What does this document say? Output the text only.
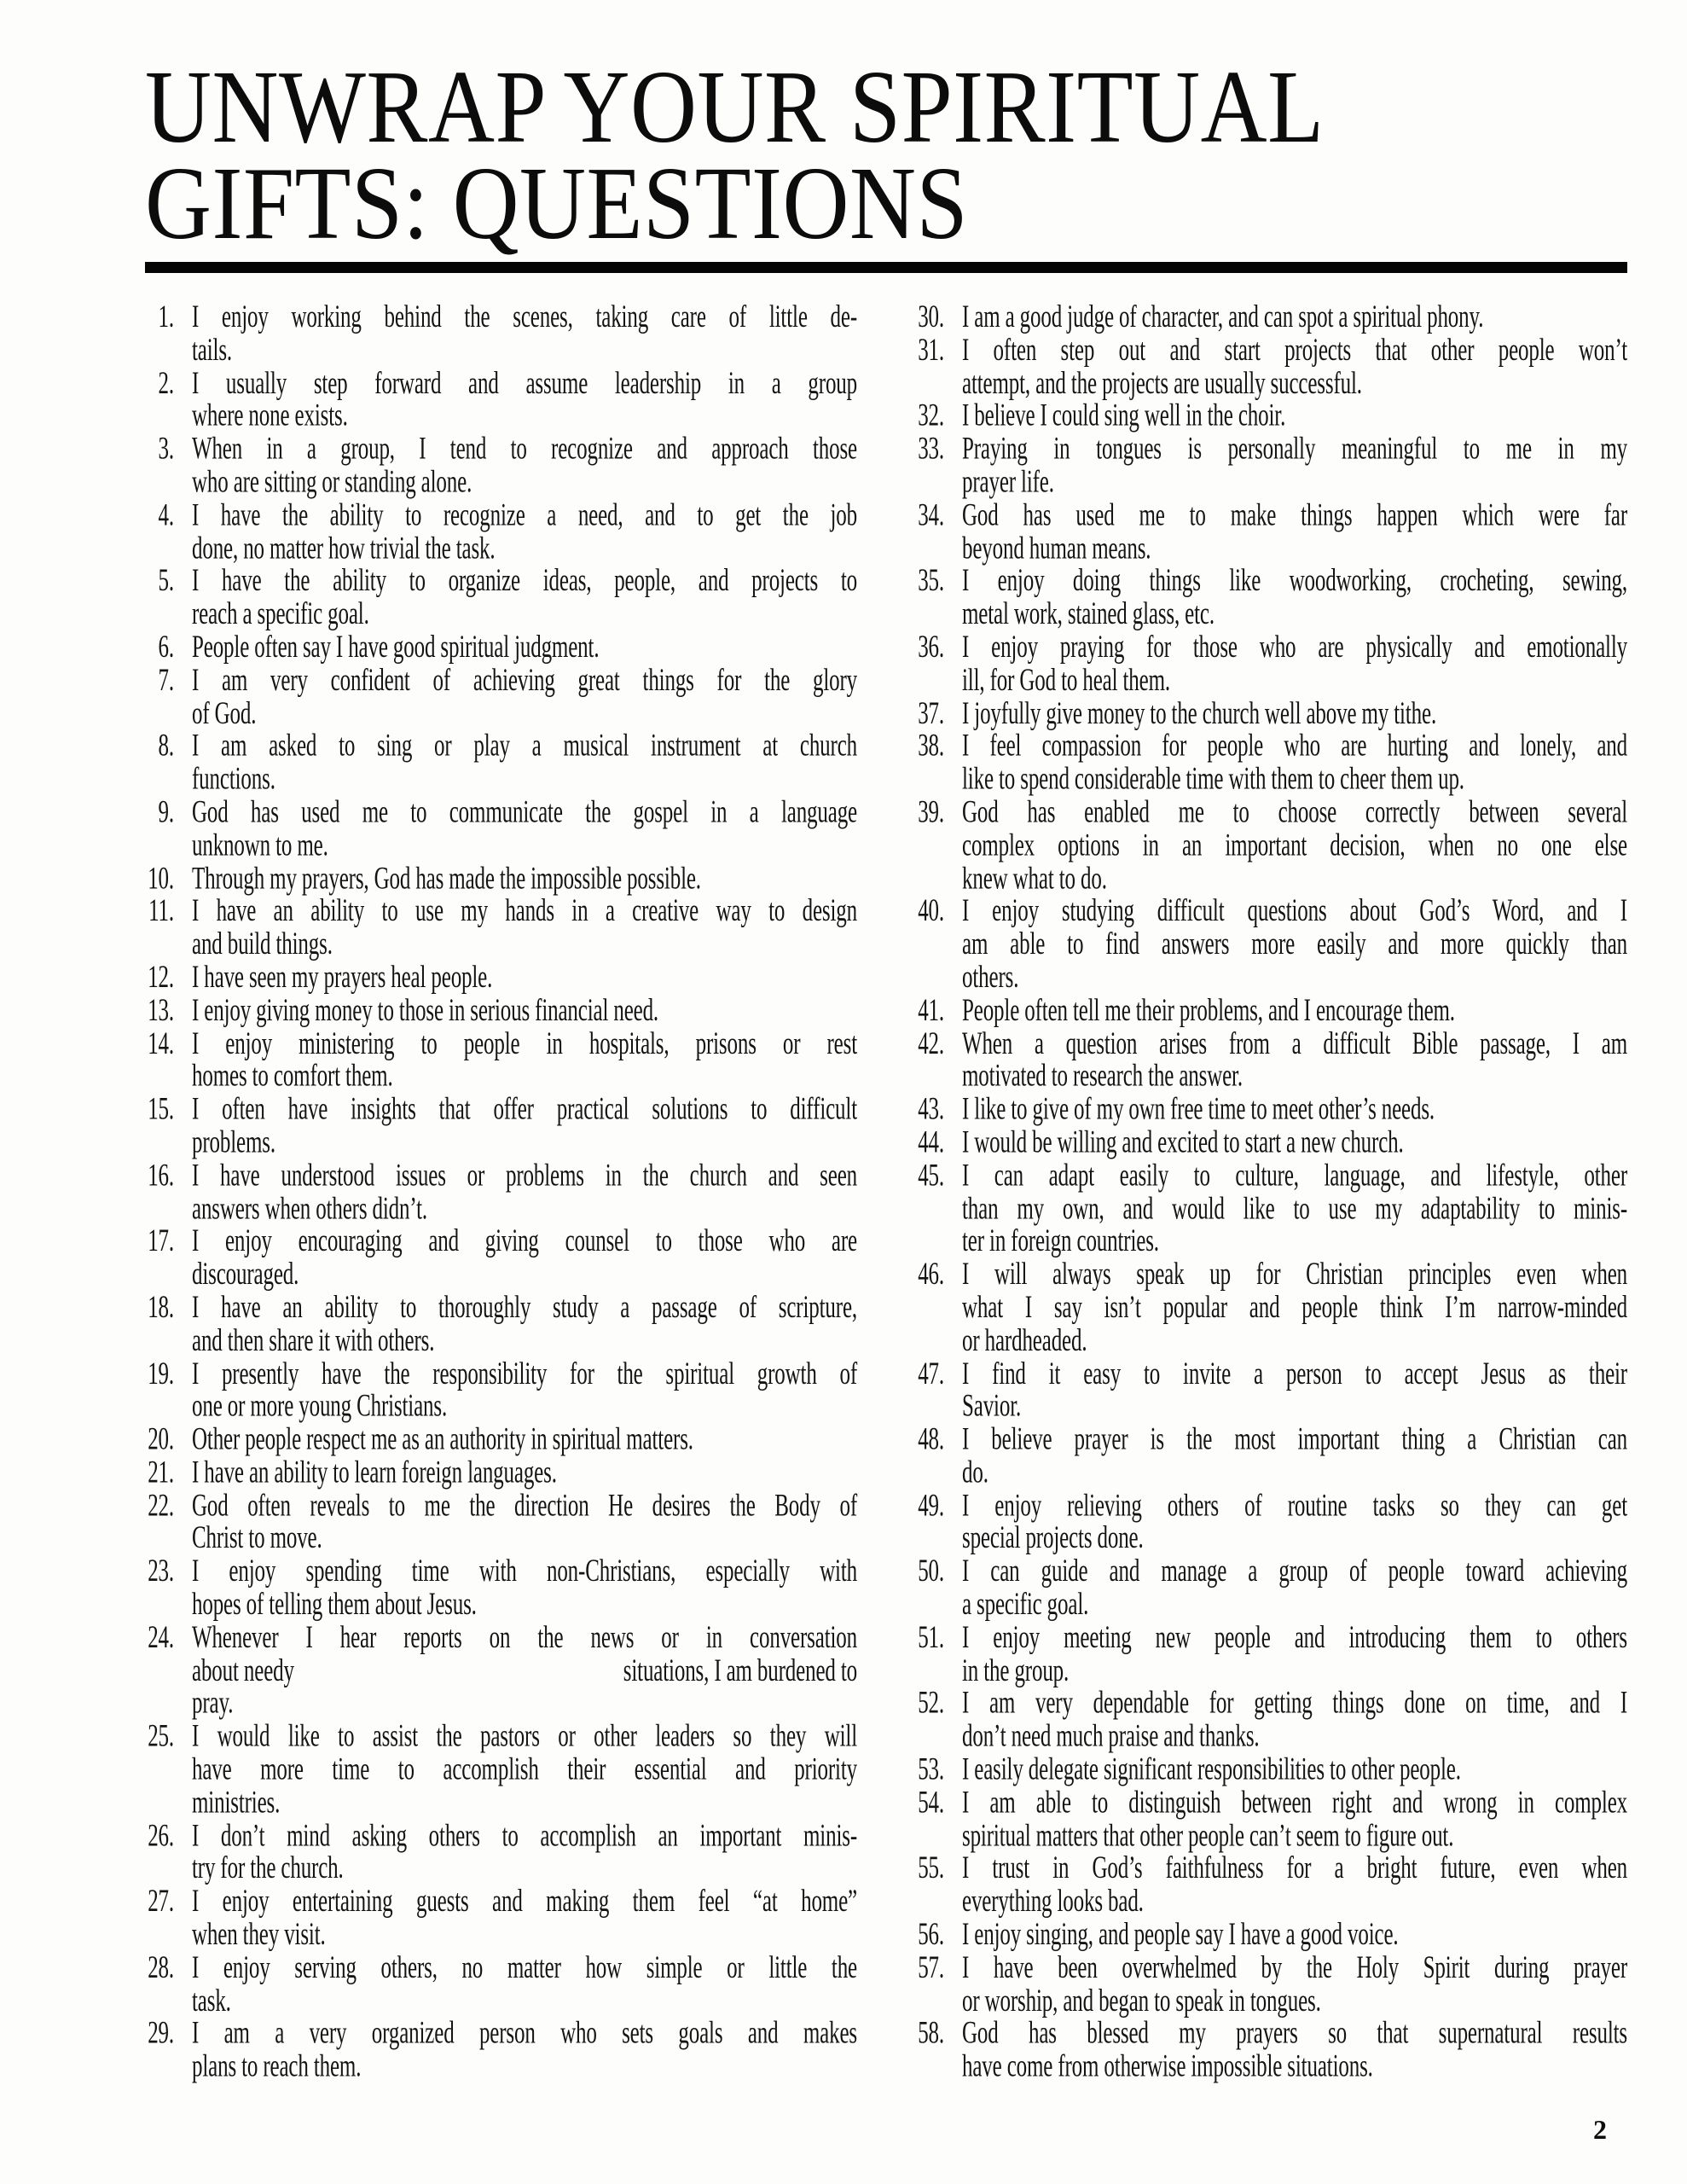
UNWRAP YOUR SPIRITUAL
GIFTS: QUESTIONS
1. I enjoy working behind the scenes, taking care of little de-
tails.
2. I usually step forward and assume leadership in a group
where none exists.
3. When in a group, I tend to recognize and approach those
who are sitting or standing alone.
4. I have the ability to recognize a need, and to get the job
done, no matter how trivial the task.
5. I have the ability to organize ideas, people, and projects to
reach a specific goal.
6. People often say I have good spiritual judgment.
7. I am very confident of achieving great things for the glory
of God.
8. I am asked to sing or play a musical instrument at church
functions.
9. God has used me to communicate the gospel in a language
unknown to me.
10. Through my prayers, God has made the impossible possible.
11. I have an ability to use my hands in a creative way to design
and build things.
12. I have seen my prayers heal people.
13. I enjoy giving money to those in serious financial need.
14. I enjoy ministering to people in hospitals, prisons or rest
homes to comfort them.
15. I often have insights that offer practical solutions to difficult
problems.
16. I have understood issues or problems in the church and seen
answers when others didn’t.
17. I enjoy encouraging and giving counsel to those who are
discouraged.
18. I have an ability to thoroughly study a passage of scripture,
and then share it with others.
19. I presently have the responsibility for the spiritual growth of
one or more young Christians.
20. Other people respect me as an authority in spiritual matters.
21. I have an ability to learn foreign languages.
22. God often reveals to me the direction He desires the Body of
Christ to move.
23. I enjoy spending time with non-Christians, especially with
hopes of telling them about Jesus.
24. Whenever I hear reports on the news or in conversation
about needy	situations, I am burdened to
pray.
25. I would like to assist the pastors or other leaders so they will
have more time to accomplish their essential and priority
ministries.
26. I don’t mind asking others to accomplish an important minis-
try for the church.
27. I enjoy entertaining guests and making them feel “at home”
when they visit.
28. I enjoy serving others, no matter how simple or little the
task.
29. I am a very organized person who sets goals and makes
plans to reach them.
30. I am a good judge of character, and can spot a spiritual phony.
31. I often step out and start projects that other people won’t
attempt, and the projects are usually successful.
32. I believe I could sing well in the choir.
33. Praying in tongues is personally meaningful to me in my
prayer life.
34. God has used me to make things happen which were far
beyond human means.
35. I enjoy doing things like woodworking, crocheting, sewing,
metal work, stained glass, etc.
36. I enjoy praying for those who are physically and emotionally
ill, for God to heal them.
37. I joyfully give money to the church well above my tithe.
38. I feel compassion for people who are hurting and lonely, and
like to spend considerable time with them to cheer them up.
39. God has enabled me to choose correctly between several
complex options in an important decision, when no one else
knew what to do.
40. I enjoy studying difficult questions about God’s Word, and I
am able to find answers more easily and more quickly than
others.
41. People often tell me their problems, and I encourage them.
42. When a question arises from a difficult Bible passage, I am
motivated to research the answer.
43. I like to give of my own free time to meet other’s needs.
44. I would be willing and excited to start a new church.
45. I can adapt easily to culture, language, and lifestyle, other
than my own, and would like to use my adaptability to minis-
ter in foreign countries.
46. I will always speak up for Christian principles even when
what I say isn’t popular and people think I’m narrow-minded
or hardheaded.
47. I find it easy to invite a person to accept Jesus as their
Savior.
48. I believe prayer is the most important thing a Christian can
do.
49. I enjoy relieving others of routine tasks so they can get
special projects done.
50. I can guide and manage a group of people toward achieving
a specific goal.
51. I enjoy meeting new people and introducing them to others
in the group.
52. I am very dependable for getting things done on time, and I
don’t need much praise and thanks.
53. I easily delegate significant responsibilities to other people.
54. I am able to distinguish between right and wrong in complex
spiritual matters that other people can’t seem to figure out.
55. I trust in God’s faithfulness for a bright future, even when
everything looks bad.
56. I enjoy singing, and people say I have a good voice.
57. I have been overwhelmed by the Holy Spirit during prayer
or worship, and began to speak in tongues.
58. God has blessed my prayers so that supernatural results
have come from otherwise impossible situations.
2
